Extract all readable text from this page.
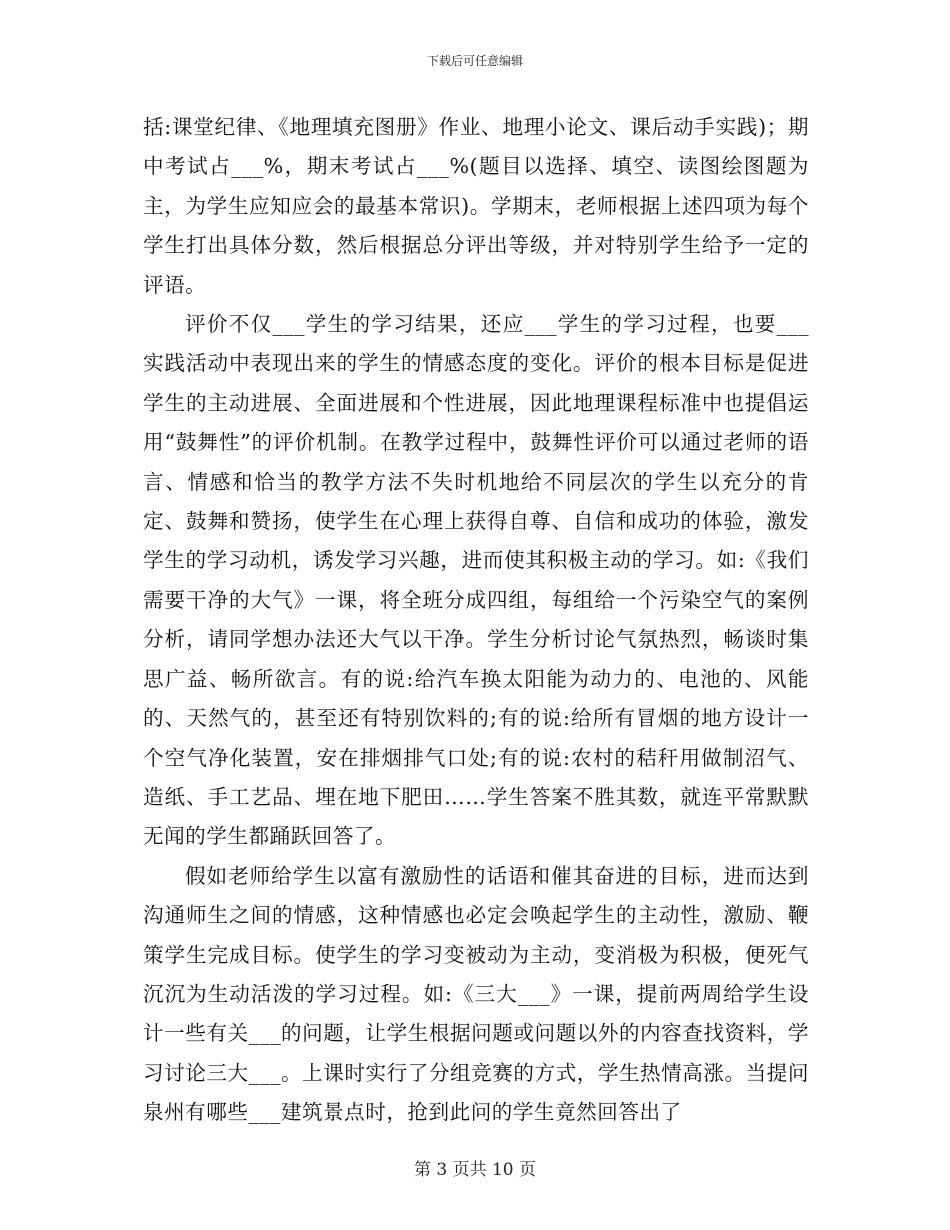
下载后可任意编辑

括:课堂纪律、《地理填充图册》作业、地理小论文、课后动手实践)；期中考试占___%，期末考试占___%(题目以选择、填空、读图绘图题为主，为学生应知应会的最基本常识)。学期末，老师根据上述四项为每个学生打出具体分数，然后根据总分评出等级，并对特别学生给予一定的评语。

评价不仅___学生的学习结果，还应___学生的学习过程，也要___实践活动中表现出来的学生的情感态度的变化。评价的根本目标是促进学生的主动进展、全面进展和个性进展，因此地理课程标准中也提倡运用“鼓舞性”的评价机制。在教学过程中，鼓舞性评价可以通过老师的语言、情感和恰当的教学方法不失时机地给不同层次的学生以充分的肯定、鼓舞和赞扬，使学生在心理上获得自尊、自信和成功的体验，激发学生的学习动机，诱发学习兴趣，进而使其积极主动的学习。如:《我们需要干净的大气》一课，将全班分成四组，每组给一个污染空气的案例分析，请同学想办法还大气以干净。学生分析讨论气氛热烈，畅谈时集思广益、畅所欲言。有的说:给汽车换太阳能为动力的、电池的、风能的、天然气的，甚至还有特别饮料的;有的说:给所有冒烟的地方设计一个空气净化装置，安在排烟排气口处;有的说:农村的秸秆用做制沼气、造纸、手工艺品、埋在地下肥田……学生答案不胜其数，就连平常默默无闻的学生都踊跃回答了。

假如老师给学生以富有激励性的话语和催其奋进的目标，进而达到沟通师生之间的情感，这种情感也必定会唤起学生的主动性，激励、鞭策学生完成目标。使学生的学习变被动为主动，变消极为积极，便死气沉沉为生动活泼的学习过程。如:《三大___》一课，提前两周给学生设计一些有关___的问题，让学生根据问题或问题以外的内容查找资料，学习讨论三大___。上课时实行了分组竞赛的方式，学生热情高涨。当提问泉州有哪些___建筑景点时，抢到此问的学生竟然回答出了

第 3 页共 10 页
